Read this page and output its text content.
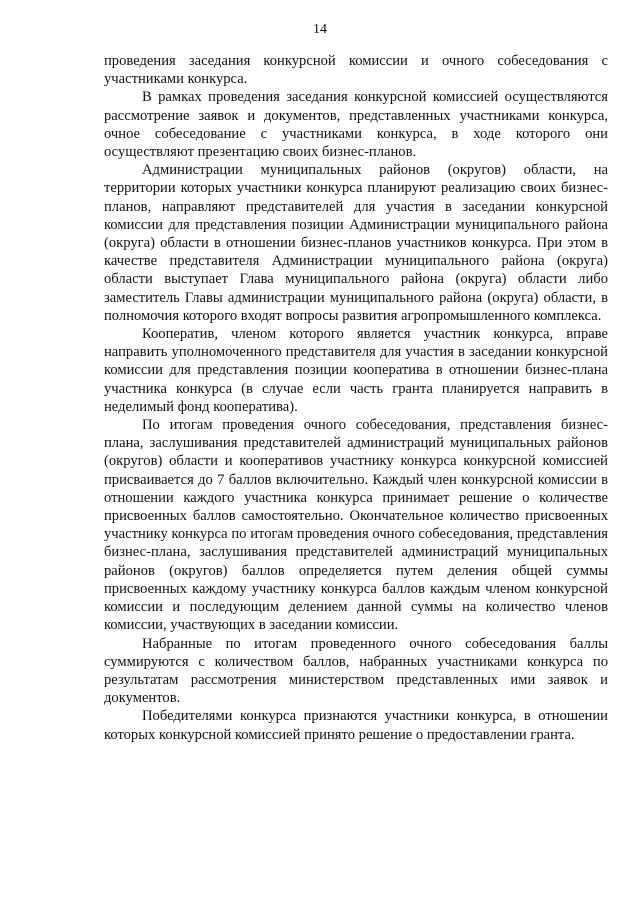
14

проведения заседания конкурсной комиссии и очного собеседования с участниками конкурса.

В рамках проведения заседания конкурсной комиссией осуществляются рассмотрение заявок и документов, представленных участниками конкурса, очное собеседование с участниками конкурса, в ходе которого они осуществляют презентацию своих бизнес-планов.

Администрации муниципальных районов (округов) области, на территории которых участники конкурса планируют реализацию своих бизнес-планов, направляют представителей для участия в заседании конкурсной комиссии для представления позиции Администрации муниципального района (округа) области в отношении бизнес-планов участников конкурса. При этом в качестве представителя Администрации муниципального района (округа) области выступает Глава муниципального района (округа) области либо заместитель Главы администрации муниципального района (округа) области, в полномочия которого входят вопросы развития агропромышленного комплекса.

Кооператив, членом которого является участник конкурса, вправе направить уполномоченного представителя для участия в заседании конкурсной комиссии для представления позиции кооператива в отношении бизнес-плана участника конкурса (в случае если часть гранта планируется направить в неделимый фонд кооператива).

По итогам проведения очного собеседования, представления бизнес-плана, заслушивания представителей администраций муниципальных районов (округов) области и кооперативов участнику конкурса конкурсной комиссией присваивается до 7 баллов включительно. Каждый член конкурсной комиссии в отношении каждого участника конкурса принимает решение о количестве присвоенных баллов самостоятельно. Окончательное количество присвоенных участнику конкурса по итогам проведения очного собеседования, представления бизнес-плана, заслушивания представителей администраций муниципальных районов (округов) баллов определяется путем деления общей суммы присвоенных каждому участнику конкурса баллов каждым членом конкурсной комиссии и последующим делением данной суммы на количество членов комиссии, участвующих в заседании комиссии.

Набранные по итогам проведенного очного собеседования баллы суммируются с количеством баллов, набранных участниками конкурса по результатам рассмотрения министерством представленных ими заявок и документов.

Победителями конкурса признаются участники конкурса, в отношении которых конкурсной комиссией принято решение о предоставлении гранта.
